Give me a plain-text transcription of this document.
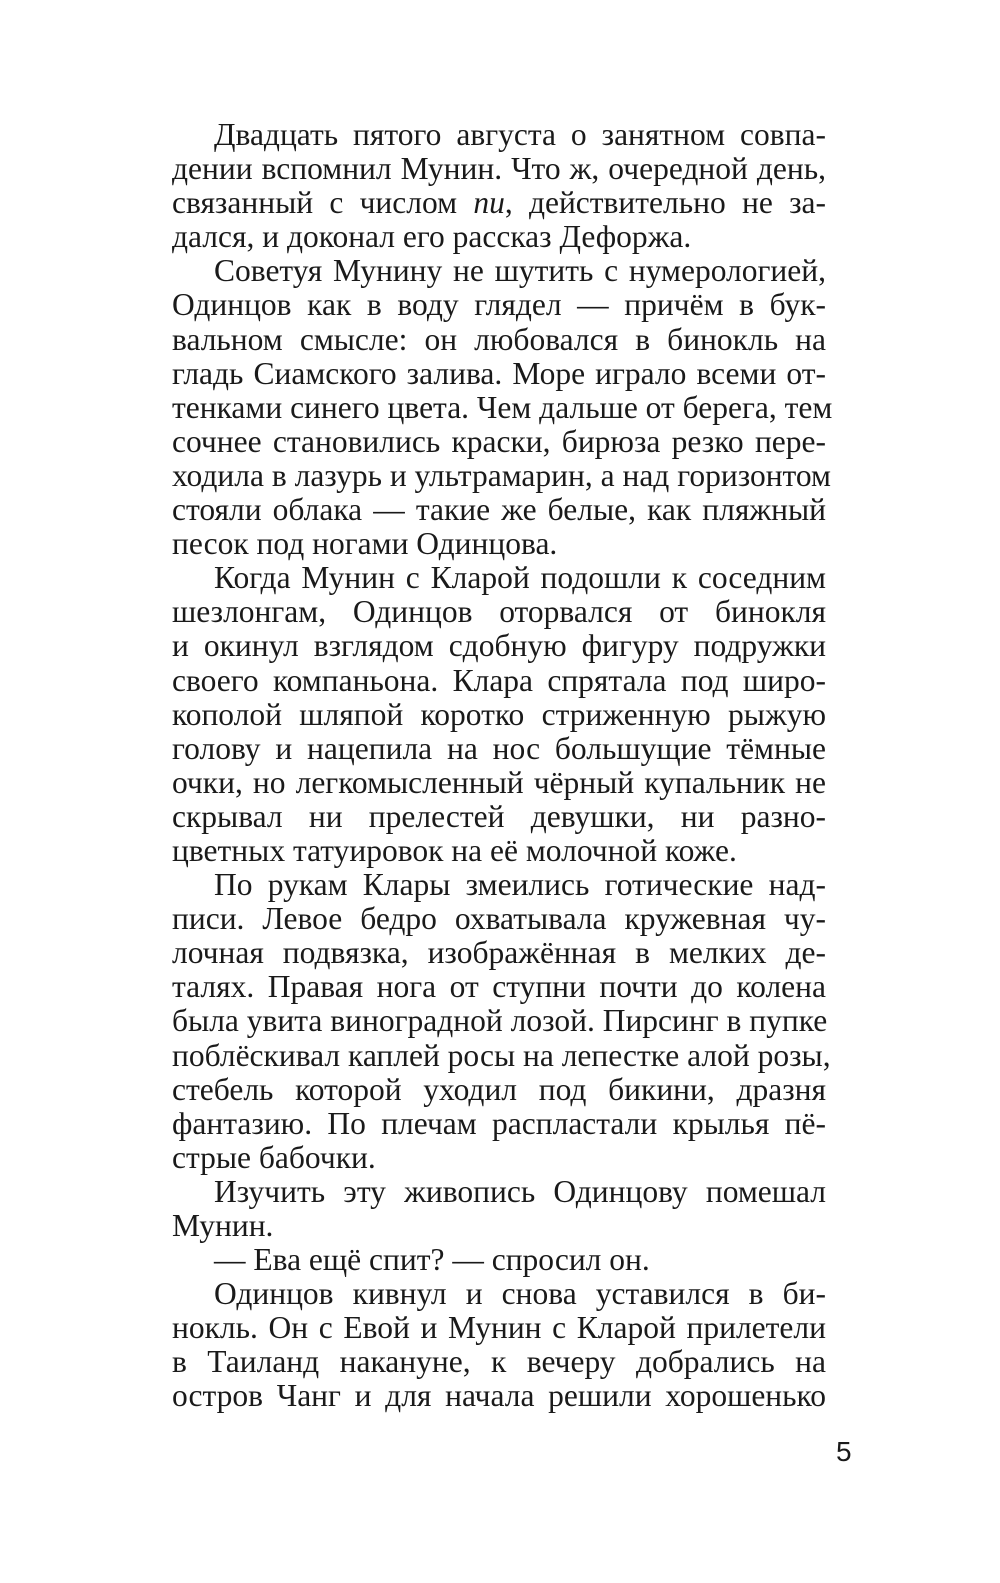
Двадцать пятого августа о занятном совпа-
дении вспомнил Мунин. Что ж, очередной день,
связанный с числом пи, действительно не за-
дался, и доконал его рассказ Дефоржа.
Советуя Мунину не шутить с нумерологией,
Одинцов как в воду глядел — причём в бук-
вальном смысле: он любовался в бинокль на
гладь Сиамского залива. Море играло всеми от-
тенками синего цвета. Чем дальше от берега, тем
сочнее становились краски, бирюза резко пере-
ходила в лазурь и ультрамарин, а над горизонтом
стояли облака — такие же белые, как пляжный
песок под ногами Одинцова.
Когда Мунин с Кларой подошли к соседним
шезлонгам, Одинцов оторвался от бинокля
и окинул взглядом сдобную фигуру подружки
своего компаньона. Клара спрятала под широ-
кополой шляпой коротко стриженную рыжую
голову и нацепила на нос большущие тёмные
очки, но легкомысленный чёрный купальник не
скрывал ни прелестей девушки, ни разно-
цветных татуировок на её молочной коже.
По рукам Клары змеились готические над-
писи. Левое бедро охватывала кружевная чу-
лочная подвязка, изображённая в мелких де-
талях. Правая нога от ступни почти до колена
была увита виноградной лозой. Пирсинг в пупке
поблёскивал каплей росы на лепестке алой розы,
стебель которой уходил под бикини, дразня
фантазию. По плечам распластали крылья пё-
стрые бабочки.
Изучить эту живопись Одинцову помешал
Мунин.
— Ева ещё спит? — спросил он.
Одинцов кивнул и снова уставился в би-
нокль. Он с Евой и Мунин с Кларой прилетели
в Таиланд накануне, к вечеру добрались на
остров Чанг и для начала решили хорошенько
5
